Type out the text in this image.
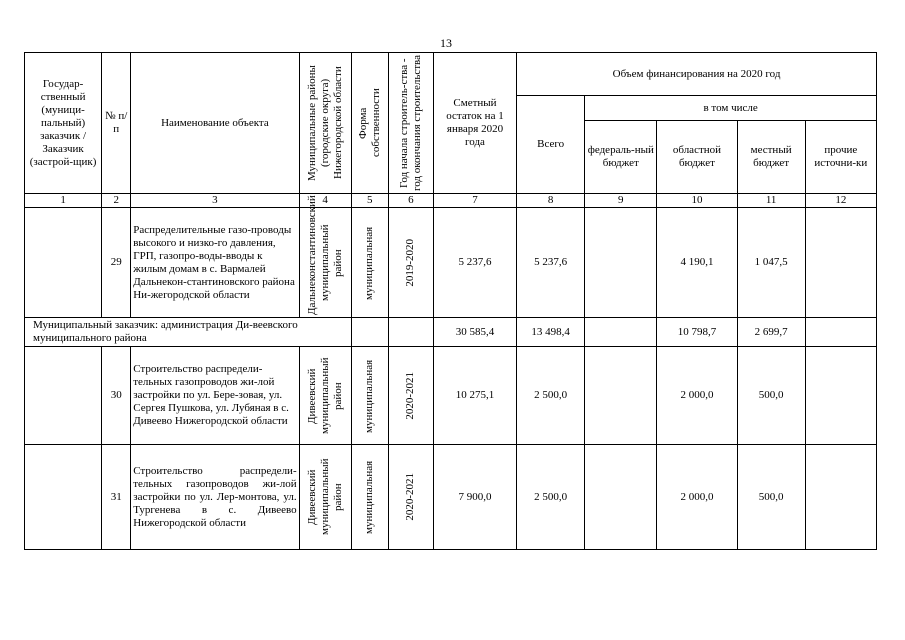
13
Государ-ственный (муници-пальный) заказчик / Заказчик (застрой-щик)	№ п/п	Наименование объекта	Муниципальные районы (городские округа) Нижегородской области	Форма собственности	Год начала строитель-ства - год окончания строительства	Сметный остаток на 1 января 2020 года	Объем финансирования на 2020 год				
							Всего	в том числе			
								федераль-ный бюджет	областной бюджет	местный бюджет	прочие источни-ки
1	2	3	4	5	6	7	8	9	10	11	12
	29	Распределительные газо-проводы высокого и низко-го давления, ГРП, газопро-воды-вводы к жилым домам в с. Вармалей Дальнекон-стантиновского района Ни-жегородской области	Дальнеконстантиновский муниципальный район	муниципальная	2019-2020	5 237,6	5 237,6		4 190,1	1 047,5	
Муниципальный заказчик: администрация Ди-веевского муниципального района						30 585,4	13 498,4		10 798,7	2 699,7	
	30	Строительство распредели-тельных газопроводов жи-лой застройки по ул. Бере-зовая, ул. Сергея Пушкова, ул. Лубяная в с. Дивеево Нижегородской области	Дивеевский муниципальный район	муниципальная	2020-2021	10 275,1	2 500,0		2 000,0	500,0	
	31	Строительство распредели-тельных газопроводов жи-лой застройки по ул. Лер-монтова, ул. Тургенева в с. Дивеево Нижегородской области	Дивеевский муниципальный район	муниципальная	2020-2021	7 900,0	2 500,0		2 000,0	500,0	
